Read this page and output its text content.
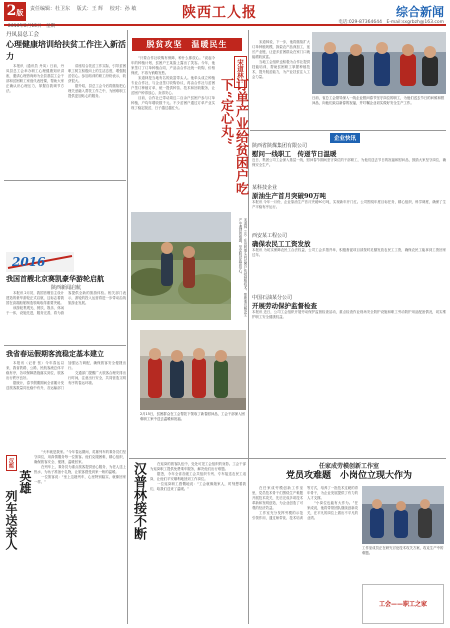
2版	责任编辑：杜卫东 　版式：王 辉 　校对：孙 敏
2016年2月15日　星期一
陕西工人报	综合新闻
电话:029-87364644　E-mail:sxgrbzh@163.com
脱贫攻坚　温暖民生
丹凤县总工会
心理健康培训给扶贫工作注入新活力

本报讯（通讯员 丹凤）日前，丹凤县总工会举办职工心理健康知识讲座，邀请心理咨询师为全县基层工会干部和贫困职工家庭代表授课，帮助大家正确认识心理压力，掌握自我调节方法。

讲座结合扶贫工作实际，引导贫困职工树立积极向上的生活态度，增强脱贫信心。参加培训的职工纷纷表示，收获很大。

据介绍，县总工会今后将继续把心理关爱融入帮扶工作之中，为困难职工提供更加贴心的服务。

宋道林：
订单产业给贫困户吃下“定心丸”

“只要合作社收购有保障，种什么都放心。”说起今年的种植计划，贫困户王某脸上露出了笑容。今年，他家签订了订单种植合同，产品由合作社统一收购，价格保底，不再为销路发愁。

宋道林是当地有名的致富带头人。他牵头成立种植专业合作社，与企业签订收购协议，再由合作社与贫困户签订种植订单，统一提供种苗、技术和回收服务，让贫困户种得放心、卖得安心。

目前，合作社已带动周边二百余户贫困户参与订单种植，户均年增收数千元。不少贫困户通过订单产业实现了稳定脱贫，日子越过越红火。

宋道林说，下一步，他将继续扩大订单种植规模，探索农产品深加工，延长产业链，让更多贫困群众在家门口就能增收致富。

当地工会组织也积极为合作社提供技能培训，帮助贫困职工掌握种植技术，提升脱贫能力，为产业扶贫注入工会力量。

宋道林（左）在田间地头向贫困户传授种植技术，帮助他们解决生产中遇到的难题，坚定脱贫致富信心。
2016
我国首艘北京赛凯豪华游轮启航
陕西新闻启航

本报讯 2月初，我国首艘自主设计建造的豪华游轮正式启航，这标志着我国在高端船舶制造领域取得重要突破。

该游轮集观光、餐饮、娱乐、休闲于一体，设施先进，服务完善，将为游客提供全新的旅游体验。相关部门表示，游轮的投入运营将进一步带动沿线旅游业发展。

我省春运假期客流稳定基本建立

本报讯（记者 张）今年春运以来，我省铁路、公路、民航客流总体平稳有序，各项保障措施落实到位，旅客出行秩序良好。

据统计，春节假期期间全省累计发送旅客数量同比稳中有升，各运输部门加强运力调配，确保旅客安全便捷出行。

交通部门提醒广大旅客合理安排出行时间，注意出行安全，共同营造文明有序的春运环境。

2月15日，贫困群众在工会帮扶下领取了新春慰问品，工会干部深入困难职工家中送去温暖和祝福。
日前，省总工会领导深入一线企业慰问春节坚守岗位的职工，为他们送去节日的问候和慰问品，向他们致以新春的祝福，并叮嘱企业切实做好安全生产工作。
企业快讯
陕西省陕煤集团有限公司
慰问一线职工　传递节日温暖
近日，集团公司工会深入基层一线，慰问春节期间坚守岗位的干部职工，为他们送去节日的祝福和慰问品，鼓励大家坚守岗位，确保安全生产。
某科技企业
原油生产首月突破90万吨
本报讯 今年一月份，企业原油生产首月突破90万吨，实现新年开门红。公司围绕年度目标任务，精心组织，科学调度，确保了生产平稳有序运行。
西安某工程公司
确保农民工工资发放
本报讯 为切实保障农民工合法权益，公司工会多措并举，积极督促项目部按时足额发放农民工工资，确保农民工能拿到工资回家过年。
中国石油某分公司
开展劳动保护监督检查
本报讯 近日，公司工会组织开展劳动保护监督检查活动，重点检查作业现场安全防护设施和职工劳动防护用品配备情况，切实维护职工安全健康权益。
汉能
英雄
列车送亲人

“火车就是我家。”今年春运期间，英雄列车的乘务员们坚守岗位，用真情服务每一位旅客。他们克服困难，精心组织，确保旅客安全、便捷、温暖回家。

在列车上，乘务员为重点旅客提供爱心服务，为老人送上热水，为孩子准备小礼物，让旅客感受到家一般的温暖。

一位旅客说：“坐上这趟列车，心里特别踏实，就像回家一样。”	汉普林接不断	在返岗的旅客队伍中，处处可见工会组织的身影。工会干部为返岗职工提供免费乘车服务，解决他们出行难题。

据悉，今年全省各级工会共组织专列、专车接送农民工返岗，让他们平安顺利地回到工作岗位。

一位返岗职工感慨地说：“工会就像娘家人，时刻想着我们，给我们送来了温暖。”

任家成劳模创新工作室
党员攻难题　小岗位立现大作为

在任家成劳模创新工作室里，党员技术骨干们围绕生产难题开展技术攻关，先后完成多项技术革新和发明创造，为企业创造了可观的经济效益。

工作室充分发挥劳模的示范引领作用，通过师带徒、技术培训等方式，培养了一批技术过硬的青年骨干，为企业发展提供了有力的人才支撑。

“小岗位也能有大作为。”任家成说，他将带领团队继续创新攻关，在平凡的岗位上做出不平凡的业绩。

工作室成员正在研究讨论技术攻关方案，攻克生产中的难题。
工会——职工之家
